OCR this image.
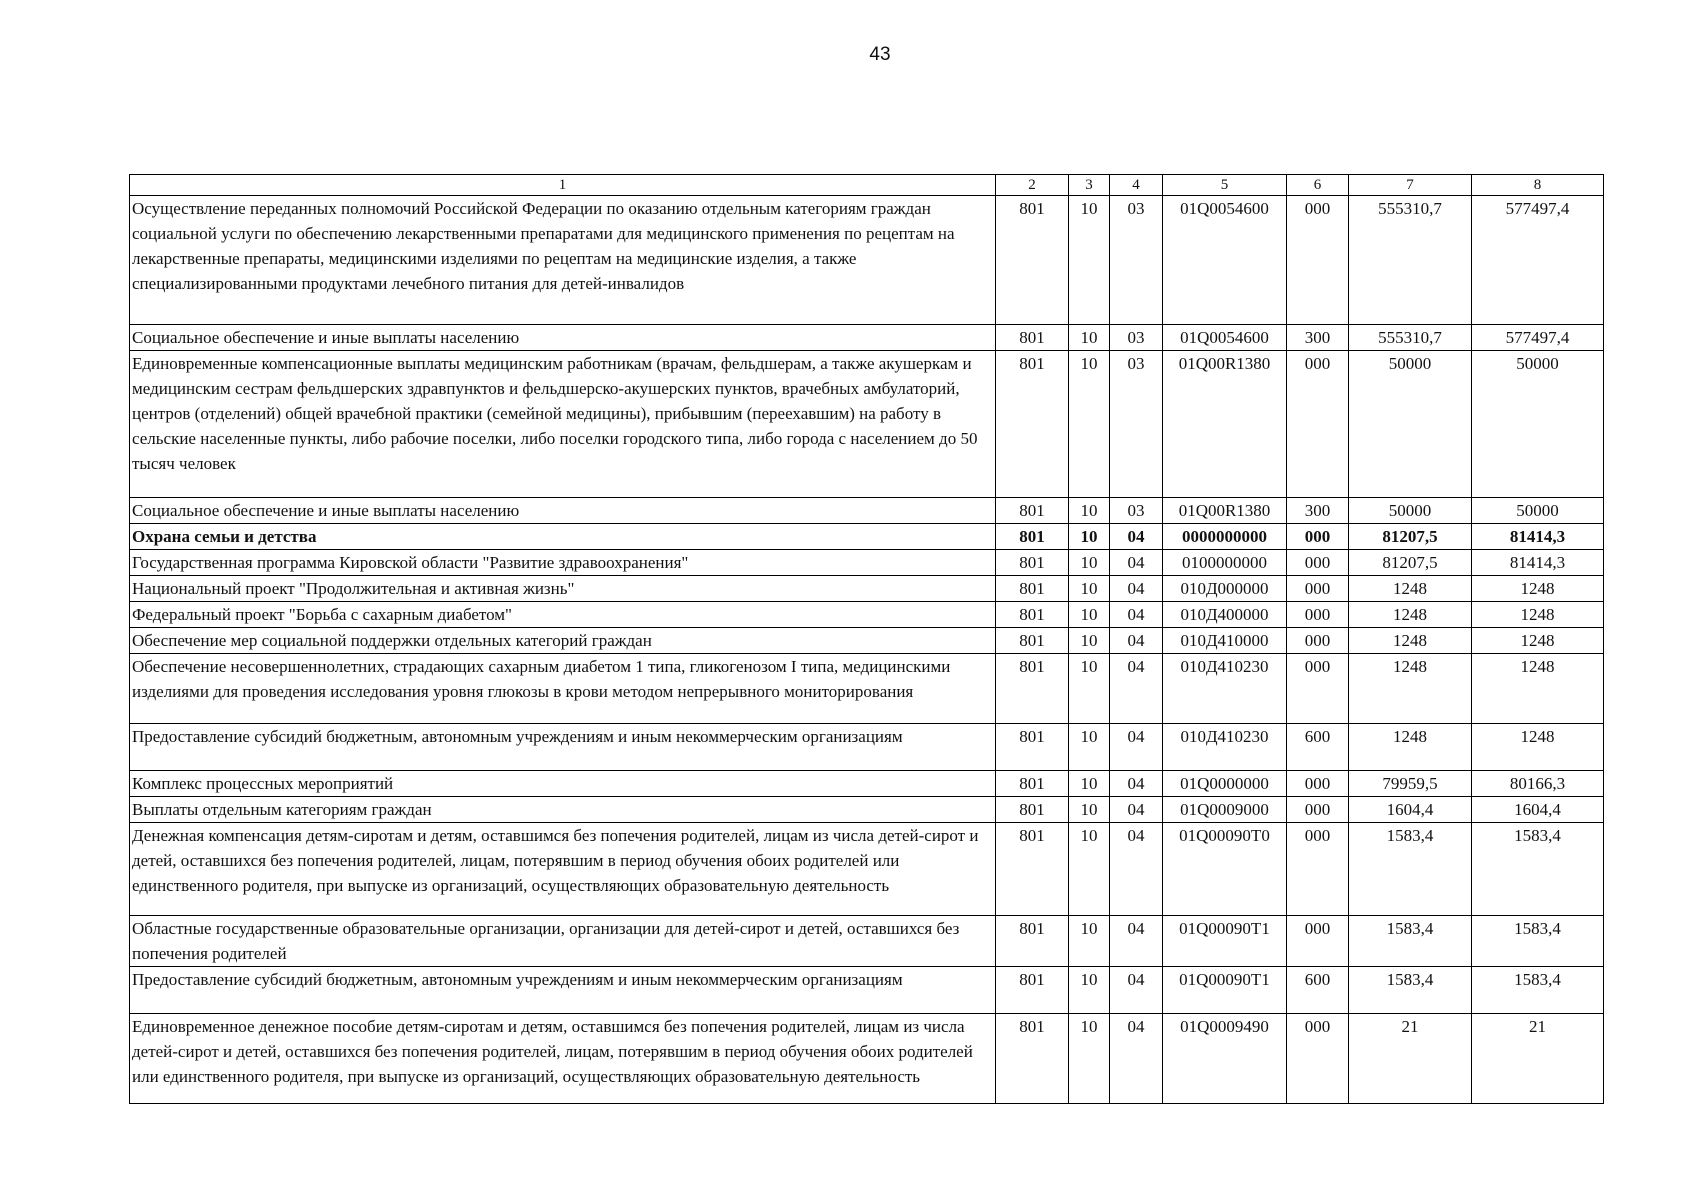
43
1	2	3	4	5	6	7	8
Осуществление переданных полномочий Российской Федерации по оказанию отдельным категориям граждан социальной услуги по обеспечению лекарственными препаратами для медицинского применения по рецептам на лекарственные препараты, медицинскими изделиями по рецептам на медицинские изделия, а также специализированными продуктами лечебного питания для детей-инвалидов	801	10	03	01Q0054600	000	555310,7	577497,4
Социальное обеспечение и иные выплаты населению	801	10	03	01Q0054600	300	555310,7	577497,4
Единовременные компенсационные выплаты медицинским работникам (врачам, фельдшерам, а также акушеркам и медицинским сестрам фельдшерских здравпунктов и фельдшерско-акушерских пунктов, врачебных амбулаторий, центров (отделений) общей врачебной практики (семейной медицины), прибывшим (переехавшим) на работу в сельские населенные пункты, либо рабочие поселки, либо поселки городского типа, либо города с населением до 50 тысяч человек	801	10	03	01Q00R1380	000	50000	50000
Социальное обеспечение и иные выплаты населению	801	10	03	01Q00R1380	300	50000	50000
Охрана семьи и детства	801	10	04	0000000000	000	81207,5	81414,3
Государственная программа Кировской области "Развитие здравоохранения"	801	10	04	0100000000	000	81207,5	81414,3
Национальный проект "Продолжительная и активная жизнь"	801	10	04	010Д000000	000	1248	1248
Федеральный проект "Борьба с сахарным диабетом"	801	10	04	010Д400000	000	1248	1248
Обеспечение мер социальной поддержки отдельных категорий граждан	801	10	04	010Д410000	000	1248	1248
Обеспечение несовершеннолетних, страдающих сахарным диабетом 1 типа, гликогенозом I типа, медицинскими изделиями для проведения исследования уровня глюкозы в крови методом непрерывного мониторирования	801	10	04	010Д410230	000	1248	1248
Предоставление субсидий бюджетным, автономным учреждениям и иным некоммерческим организациям	801	10	04	010Д410230	600	1248	1248
Комплекс процессных мероприятий	801	10	04	01Q0000000	000	79959,5	80166,3
Выплаты отдельным категориям граждан	801	10	04	01Q0009000	000	1604,4	1604,4
Денежная компенсация детям-сиротам и детям, оставшимся без попечения родителей, лицам из числа детей-сирот и детей, оставшихся без попечения родителей, лицам, потерявшим в период обучения обоих родителей или единственного родителя, при выпуске из организаций, осуществляющих образовательную деятельность	801	10	04	01Q00090T0	000	1583,4	1583,4
Областные государственные образовательные организации, организации для детей-сирот и детей, оставшихся без попечения родителей	801	10	04	01Q00090T1	000	1583,4	1583,4
Предоставление субсидий бюджетным, автономным учреждениям и иным некоммерческим организациям	801	10	04	01Q00090T1	600	1583,4	1583,4
Единовременное денежное пособие детям-сиротам и детям, оставшимся без попечения родителей, лицам из числа детей-сирот и детей, оставшихся без попечения родителей, лицам, потерявшим в период обучения обоих родителей или единственного родителя, при выпуске из организаций, осуществляющих образовательную деятельность	801	10	04	01Q0009490	000	21	21
